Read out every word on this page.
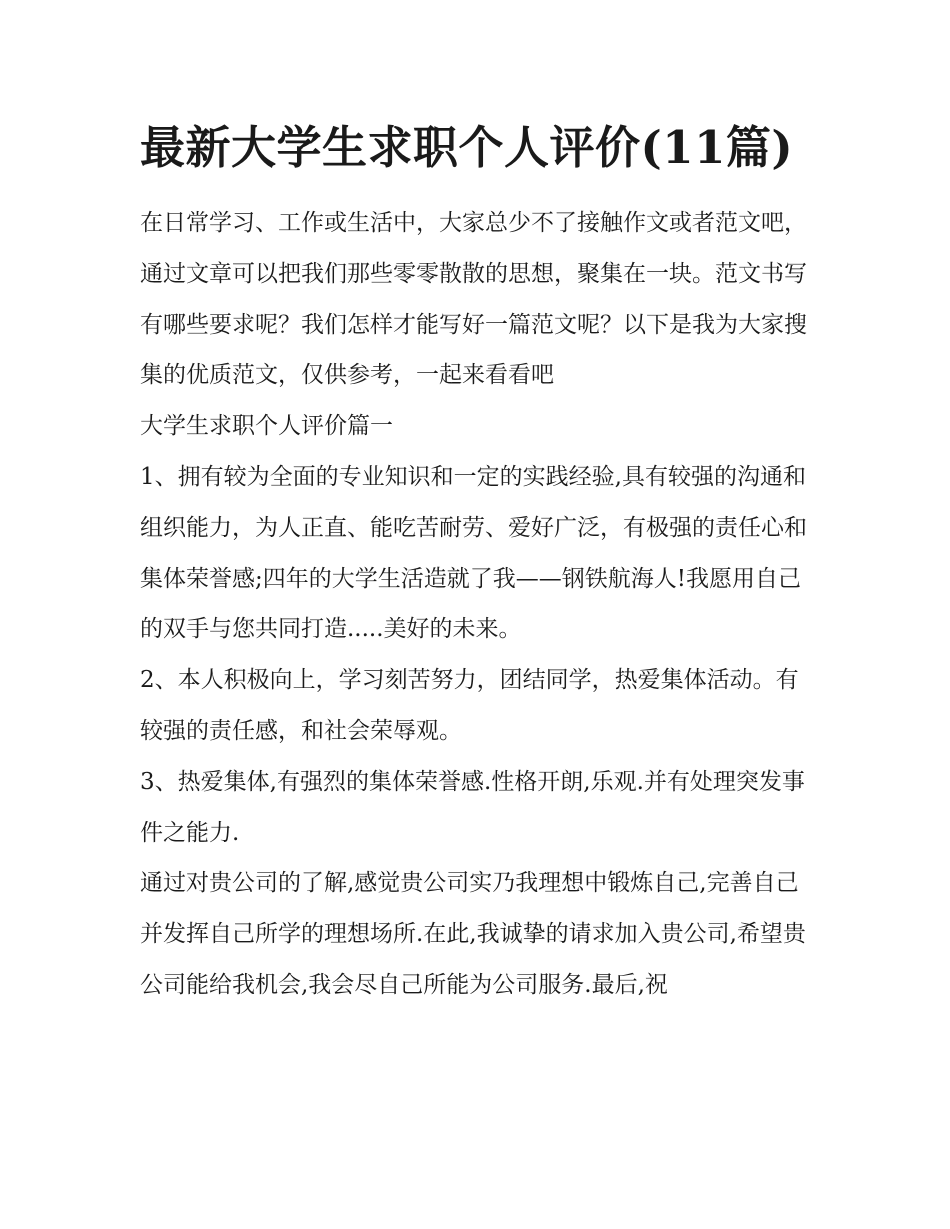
最新大学生求职个人评价(11篇)

在日常学习、工作或生活中，大家总少不了接触作文或者范文吧，通过文章可以把我们那些零零散散的思想，聚集在一块。范文书写有哪些要求呢？我们怎样才能写好一篇范文呢？以下是我为大家搜集的优质范文，仅供参考，一起来看看吧

大学生求职个人评价篇一

1、拥有较为全面的专业知识和一定的实践经验,具有较强的沟通和组织能力，为人正直、能吃苦耐劳、爱好广泛，有极强的责任心和集体荣誉感;四年的大学生活造就了我——钢铁航海人!我愿用自己的双手与您共同打造.....美好的未来。

2、本人积极向上，学习刻苦努力，团结同学，热爱集体活动。有较强的责任感，和社会荣辱观。

3、热爱集体,有强烈的集体荣誉感.性格开朗,乐观.并有处理突发事件之能力.

通过对贵公司的了解,感觉贵公司实乃我理想中锻炼自己,完善自己并发挥自己所学的理想场所.在此,我诚挚的请求加入贵公司,希望贵公司能给我机会,我会尽自己所能为公司服务.最后,祝
